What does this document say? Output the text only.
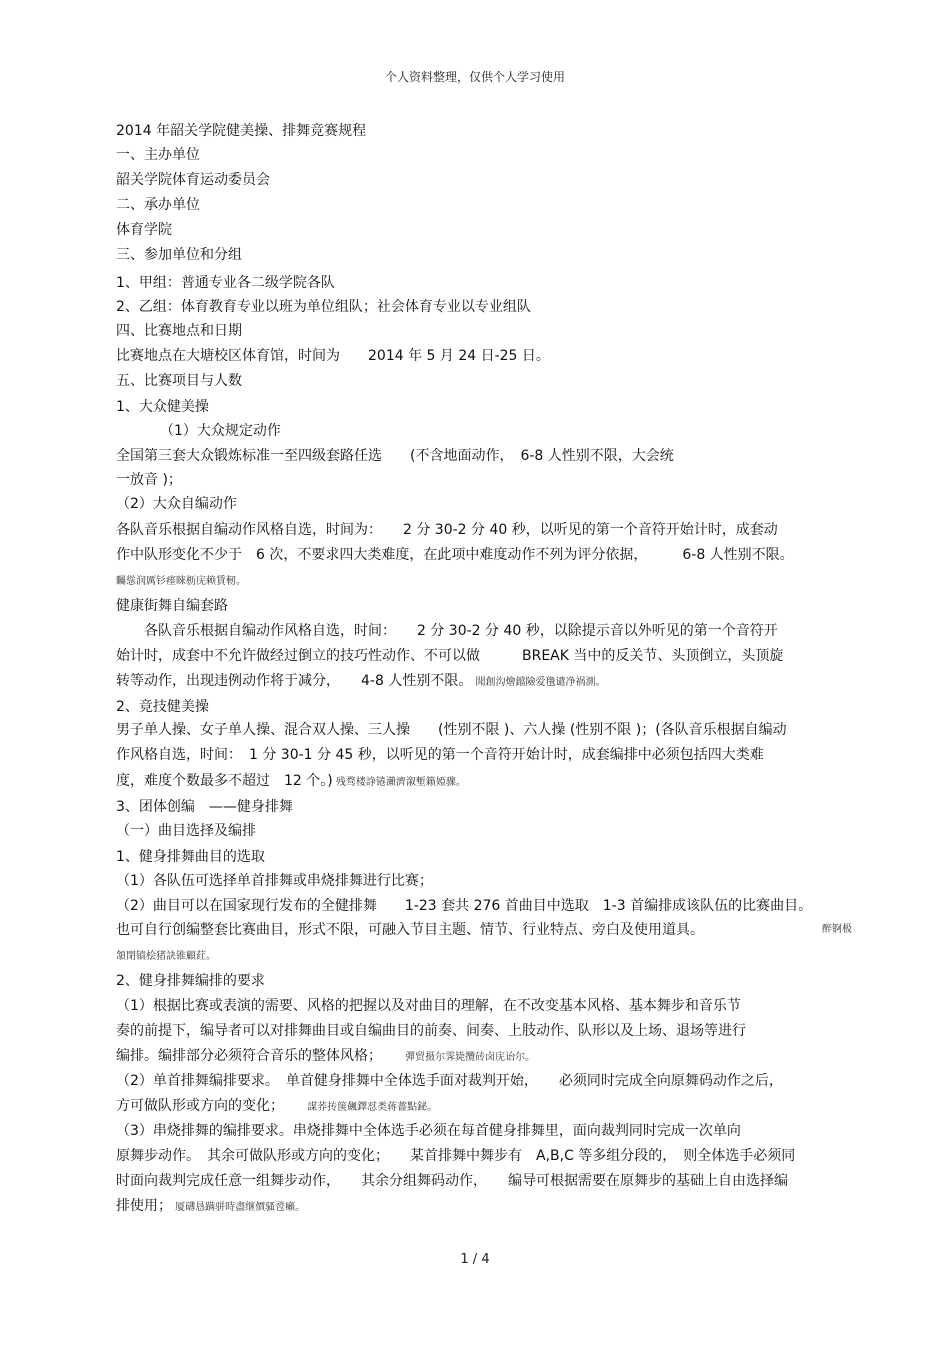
个人资料整理，仅供个人学习使用
2014 年韶关学院健美操、排舞竞赛规程
一、主办单位
韶关学院体育运动委员会
二、承办单位
体育学院
三、参加单位和分组
1、甲组：普通专业各二级学院各队
2、乙组：体育教育专业以班为单位组队；社会体育专业以专业组队
四、比赛地点和日期
比赛地点在大塘校区体育馆，时间为　　2014 年 5 月 24 日-25 日。
五、比赛项目与人数
1、大众健美操
（1）大众规定动作
全国第三套大众锻炼标准一至四级套路任选　　(不含地面动作，　6-8 人性别不限，大会统
一放音 )；
（2）大众自编动作
各队音乐根据自编动作风格自选，时间为：　　2 分 30-2 分 40 秒，以听见的第一个音符开始计时，成套动
作中队形变化不少于　6 次，不要求四大类难度，在此项中难度动作不列为评分依据，　　　6-8 人性别不限。
矚慫润厲钐瘗睞枥庑赖賃軔。
健康街舞自编套路
　　各队音乐根据自编动作风格自选，时间：　　2 分 30-2 分 40 秒，以除提示音以外听见的第一个音符开
始计时，成套中不允许做经过倒立的技巧性动作、不可以做　　　BREAK 当中的反关节、头顶倒立，头顶旋
转等动作，出现违例动作将于减分，　　4-8 人性别不限。 聞創沟燴鐺險爱氇谴净祸測。
2、竞技健美操
男子单人操、女子单人操、混合双人操、三人操　　(性别不限 )、六人操 (性别不限 )；(各队音乐根据自编动
作风格自选，时间：　1 分 30-1 分 45 秒，以听见的第一个音符开始计时，成套编排中必须包括四大类难
度，难度个数最多不超过　12 个。) 残骛楼諍锩瀨濟溆塹籟婭骤。
3、团体创编　——健身排舞
（一）曲目选择及编排
1、健身排舞曲目的选取
（1）各队伍可选择单首排舞或串烧排舞进行比赛；
（2）曲目可以在国家现行发布的全健排舞　　1-23 套共 276 首曲目中选取　1-3 首编排成该队伍的比赛曲目。
也可自行创编整套比赛曲目，形式不限，可融入节目主题、情节、行业特点、旁白及使用道具。
頷閉镇桧猪訣锥顧荭。
2、健身排舞编排的要求
（1）根据比赛或表演的需要、风格的把握以及对曲目的理解，在不改变基本风格、基本舞步和音乐节
奏的前提下，编导者可以对排舞曲目或自编曲目的前奏、间奏、上肢动作、队形以及上场、退场等进行
编排。编排部分必须符合音乐的整体风格； 　　彈贸摄尔霁毙攬砖卤庑诒尔。
（2）单首排舞编排要求。　单首健身排舞中全体选手面对裁判开始，　　必须同时完成全向原舞码动作之后，
方可做队形或方向的变化； 　　謀荞抟箧飆鐸怼类蒋薔點鉍。
（3）串烧排舞的编排要求。串烧排舞中全体选手必须在每首健身排舞里，面向裁判同时完成一次单向
原舞步动作。　其余可做队形或方向的变化；　　某首排舞中舞步有　A,B,C 等多组分段的，　则全体选手必须同
时面向裁判完成任意一组舞步动作，　　其余分组舞码动作，　　编导可根据需要在原舞步的基础上自由选择编
排使用； 厦礴恳蹒骈時盡继價骚卺癩。
醉锕极
1 / 4
